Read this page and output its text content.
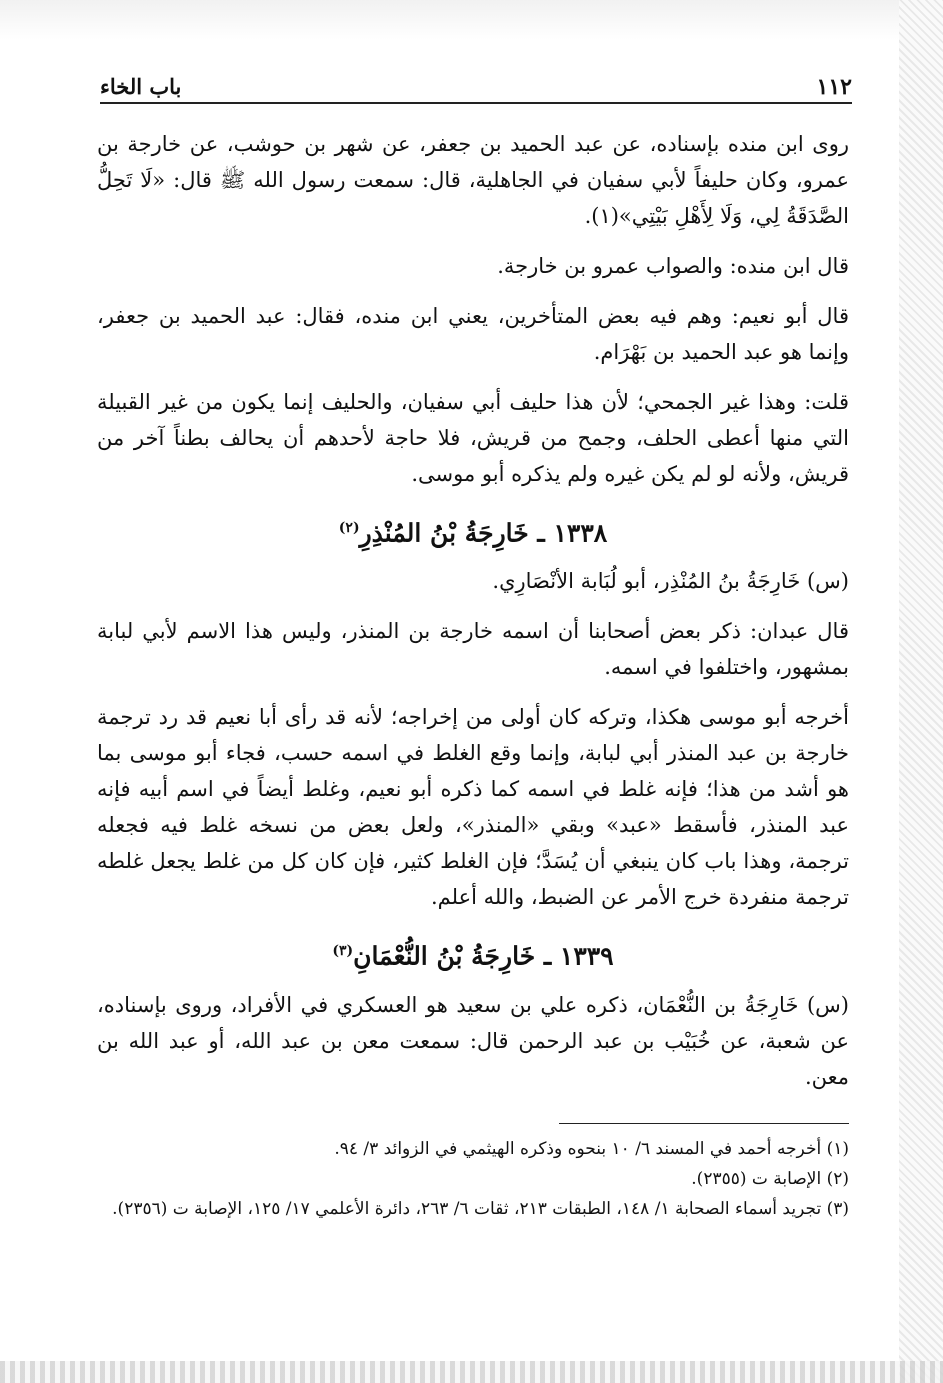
١١٢
باب الخاء

روى ابن منده بإسناده، عن عبد الحميد بن جعفر، عن شهر بن حوشب، عن خارجة بن عمرو، وكان حليفاً لأبي سفيان في الجاهلية، قال: سمعت رسول الله ﷺ قال: «لَا تَحِلُّ الصَّدَقَةُ لِي، وَلَا لِأَهْلِ بَيْتِي»(١).

قال ابن منده: والصواب عمرو بن خارجة.

قال أبو نعيم: وهم فيه بعض المتأخرين، يعني ابن منده، فقال: عبد الحميد بن جعفر، وإنما هو عبد الحميد بن بَهْرَام.

قلت: وهذا غير الجمحي؛ لأن هذا حليف أبي سفيان، والحليف إنما يكون من غير القبيلة التي منها أعطى الحلف، وجمح من قريش، فلا حاجة لأحدهم أن يحالف بطناً آخر من قريش، ولأنه لو لم يكن غيره ولم يذكره أبو موسى.

١٣٣٨ ـ خَارِجَةُ بْنُ المُنْذِرِ$^{(٢)}$

(س) خَارِجَةُ بنُ المُنْذِر، أبو لُبَابة الأنْصَارِي.

قال عبدان: ذكر بعض أصحابنا أن اسمه خارجة بن المنذر، وليس هذا الاسم لأبي لبابة بمشهور، واختلفوا في اسمه.

أخرجه أبو موسى هكذا، وتركه كان أولى من إخراجه؛ لأنه قد رأى أبا نعيم قد رد ترجمة خارجة بن عبد المنذر أبي لبابة، وإنما وقع الغلط في اسمه حسب، فجاء أبو موسى بما هو أشد من هذا؛ فإنه غلط في اسمه كما ذكره أبو نعيم، وغلط أيضاً في اسم أبيه فإنه عبد المنذر، فأسقط «عبد» وبقي «المنذر»، ولعل بعض من نسخه غلط فيه فجعله ترجمة، وهذا باب كان ينبغي أن يُسَدَّ؛ فإن الغلط كثير، فإن كان كل من غلط يجعل غلطه ترجمة منفردة خرج الأمر عن الضبط، والله أعلم.

١٣٣٩ ـ خَارِجَةُ بْنُ النُّعْمَانِ$^{(٣)}$

(س) خَارِجَةُ بن النُّعْمَان، ذكره علي بن سعيد هو العسكري في الأفراد، وروى بإسناده، عن شعبة، عن خُبَيْب بن عبد الرحمن قال: سمعت معن بن عبد الله، أو عبد الله بن معن.

(١) أخرجه أحمد في المسند ٦/ ١٠ بنحوه وذكره الهيثمي في الزوائد ٣/ ٩٤.

(٢) الإصابة ت (٢٣٥٥).

(٣) تجريد أسماء الصحابة ١/ ١٤٨، الطبقات ٢١٣، ثقات ٦/ ٢٦٣، دائرة الأعلمي ١٧/ ١٢٥، الإصابة ت (٢٣٥٦).
